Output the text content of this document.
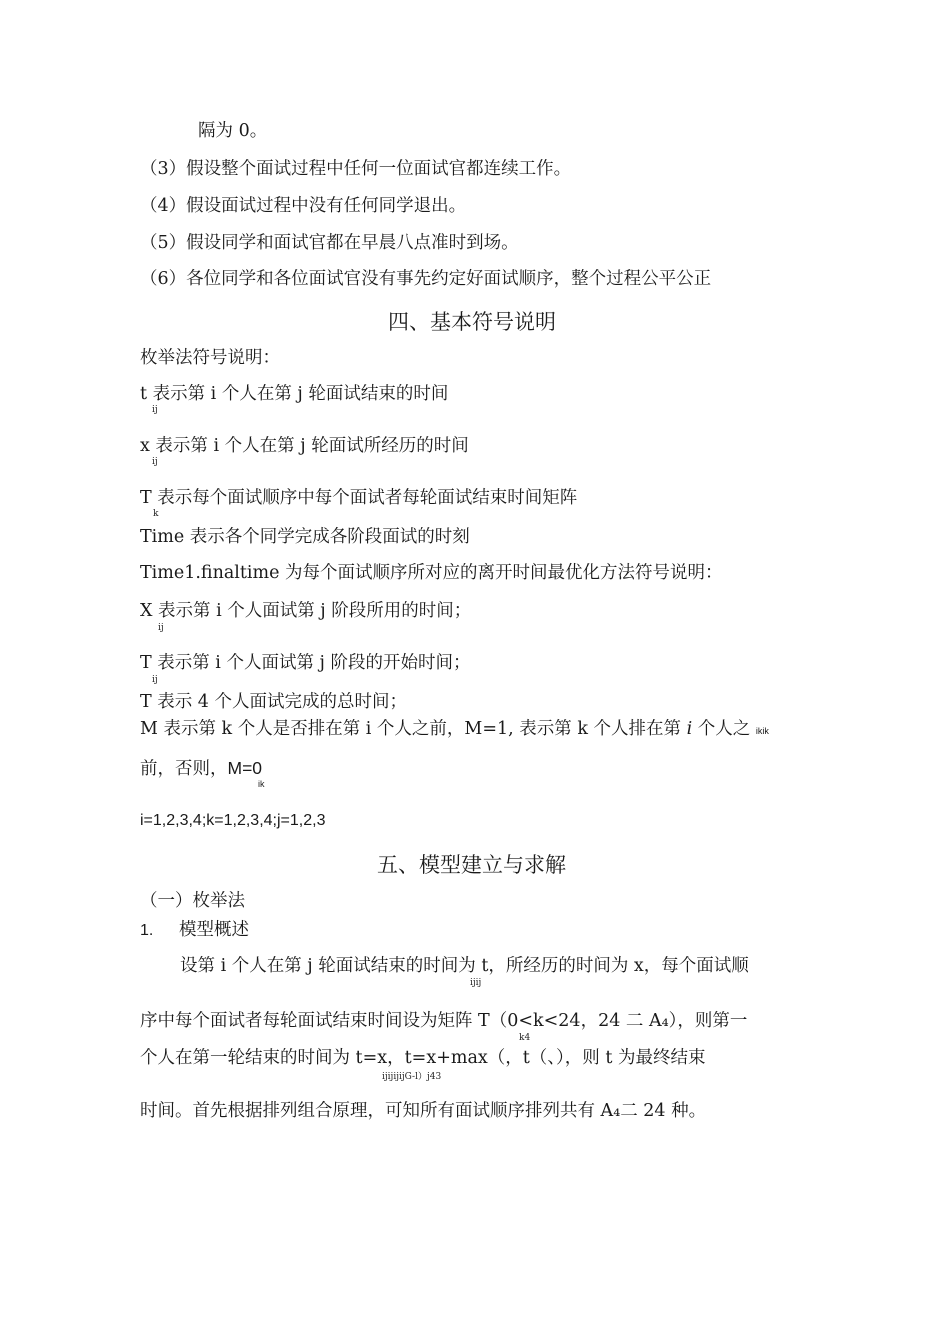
隔为 0。
（3）假设整个面试过程中任何一位面试官都连续工作。
（4）假设面试过程中没有任何同学退出。
（5）假设同学和面试官都在早晨八点准时到场。
（6）各位同学和各位面试官没有事先约定好面试顺序，整个过程公平公正
四、基本符号说明
枚举法符号说明：
t 表示第 i 个人在第 j 轮面试结束的时间
ij
x 表示第 i 个人在第 j 轮面试所经历的时间
ij
T 表示每个面试顺序中每个面试者每轮面试结束时间矩阵
k
Time 表示各个同学完成各阶段面试的时刻
Time1.finaltime 为每个面试顺序所对应的离开时间最优化方法符号说明：
X 表示第 i 个人面试第 j 阶段所用的时间；
ij
T 表示第 i 个人面试第 j 阶段的开始时间；
ij
T 表示 4 个人面试完成的总时间；
M 表示第 k 个人是否排在第 i 个人之前，M=1, 表示第 k 个人排在第 i 个人之 ikik
前，否则，M=0
ik
i=1,2,3,4;k=1,2,3,4;j=1,2,3
五、模型建立与求解
（一）枚举法
1. 模型概述
设第 i 个人在第 j 轮面试结束的时间为 t，所经历的时间为 x，每个面试顺
ijij
序中每个面试者每轮面试结束时间设为矩阵 T（0<k<24，24 二 A₄），则第一
k4
个人在第一轮结束的时间为 t=x，t=x+max（，t（、），则 t 为最终结束
ijijijijG-l）j43
时间。首先根据排列组合原理，可知所有面试顺序排列共有 A₄二 24 种。
